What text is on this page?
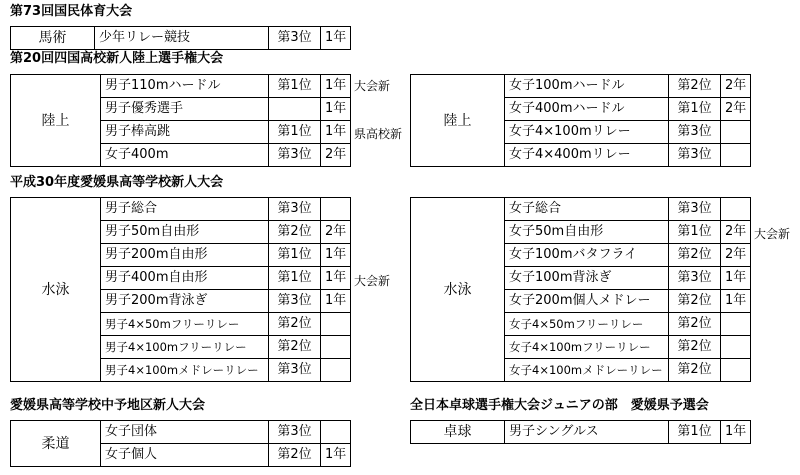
第73回国民体育大会
馬術	少年リレー競技	第3位	1年
第20回四国高校新人陸上選手権大会
陸上	男子110mハードル	第1位	1年
	男子優秀選手		1年
	男子棒高跳	第1位	1年
	女子400m	第3位	2年
大会新
県高校新
陸上	女子100mハードル	第2位	2年
	女子400mハードル	第1位	2年
	女子4×100mリレー	第3位	
	女子4×400mリレー	第3位	
平成30年度愛媛県高等学校新人大会
水泳	男子総合	第3位	
	男子50m自由形	第2位	2年
	男子200m自由形	第1位	1年
	男子400m自由形	第1位	1年
	男子200m背泳ぎ	第3位	1年
	男子4×50mフリーリレー	第2位	
	男子4×100mフリーリレー	第2位	
	男子4×100mメドレーリレー	第3位	
大会新
水泳	女子総合	第3位	
	女子50m自由形	第1位	2年
	女子100mバタフライ	第2位	2年
	女子100m背泳ぎ	第3位	1年
	女子200m個人メドレー	第2位	1年
	女子4×50mフリーリレー	第2位	
	女子4×100mフリーリレー	第2位	
	女子4×100mメドレーリレー	第2位	
大会新
愛媛県高等学校中予地区新人大会
柔道	女子団体	第3位	
	女子個人	第2位	1年
全日本卓球選手権大会ジュニアの部　愛媛県予選会
卓球	男子シングルス	第1位	1年
